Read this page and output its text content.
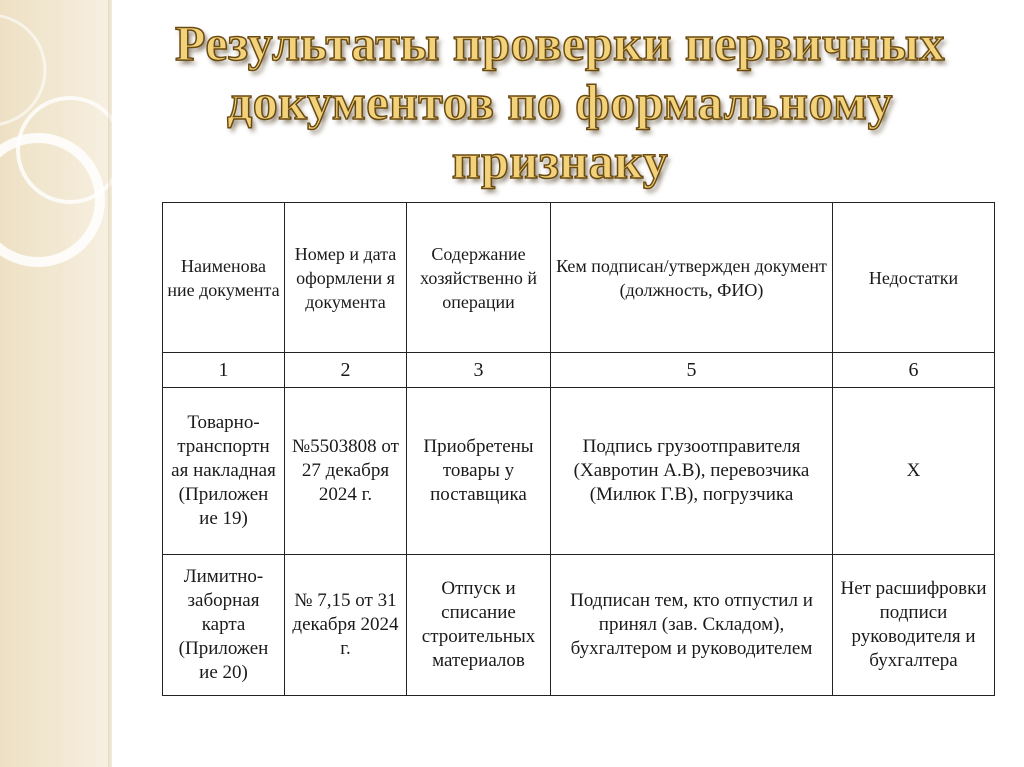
Результаты проверки первичных
документов по формальному
признаку
Наименова ние документа	Номер и дата оформлени я документа	Содержание хозяйственно й операции	Кем подписан/утвержден документ (должность, ФИО)	Недостатки
1	2	3	5	6
Товарно- транспортн ая накладная (Приложен ие 19)	№5503808 от 27 декабря 2024 г.	Приобретены товары у поставщика	Подпись грузоотправителя (Хавротин А.В), перевозчика (Милюк Г.В), погрузчика	Х
Лимитно- заборная карта (Приложен ие 20)	№ 7,15 от 31 декабря 2024 г.	Отпуск и списание строительных материалов	Подписан тем, кто отпустил и принял (зав. Складом), бухгалтером и руководителем	Нет расшифровки подписи руководителя и бухгалтера
